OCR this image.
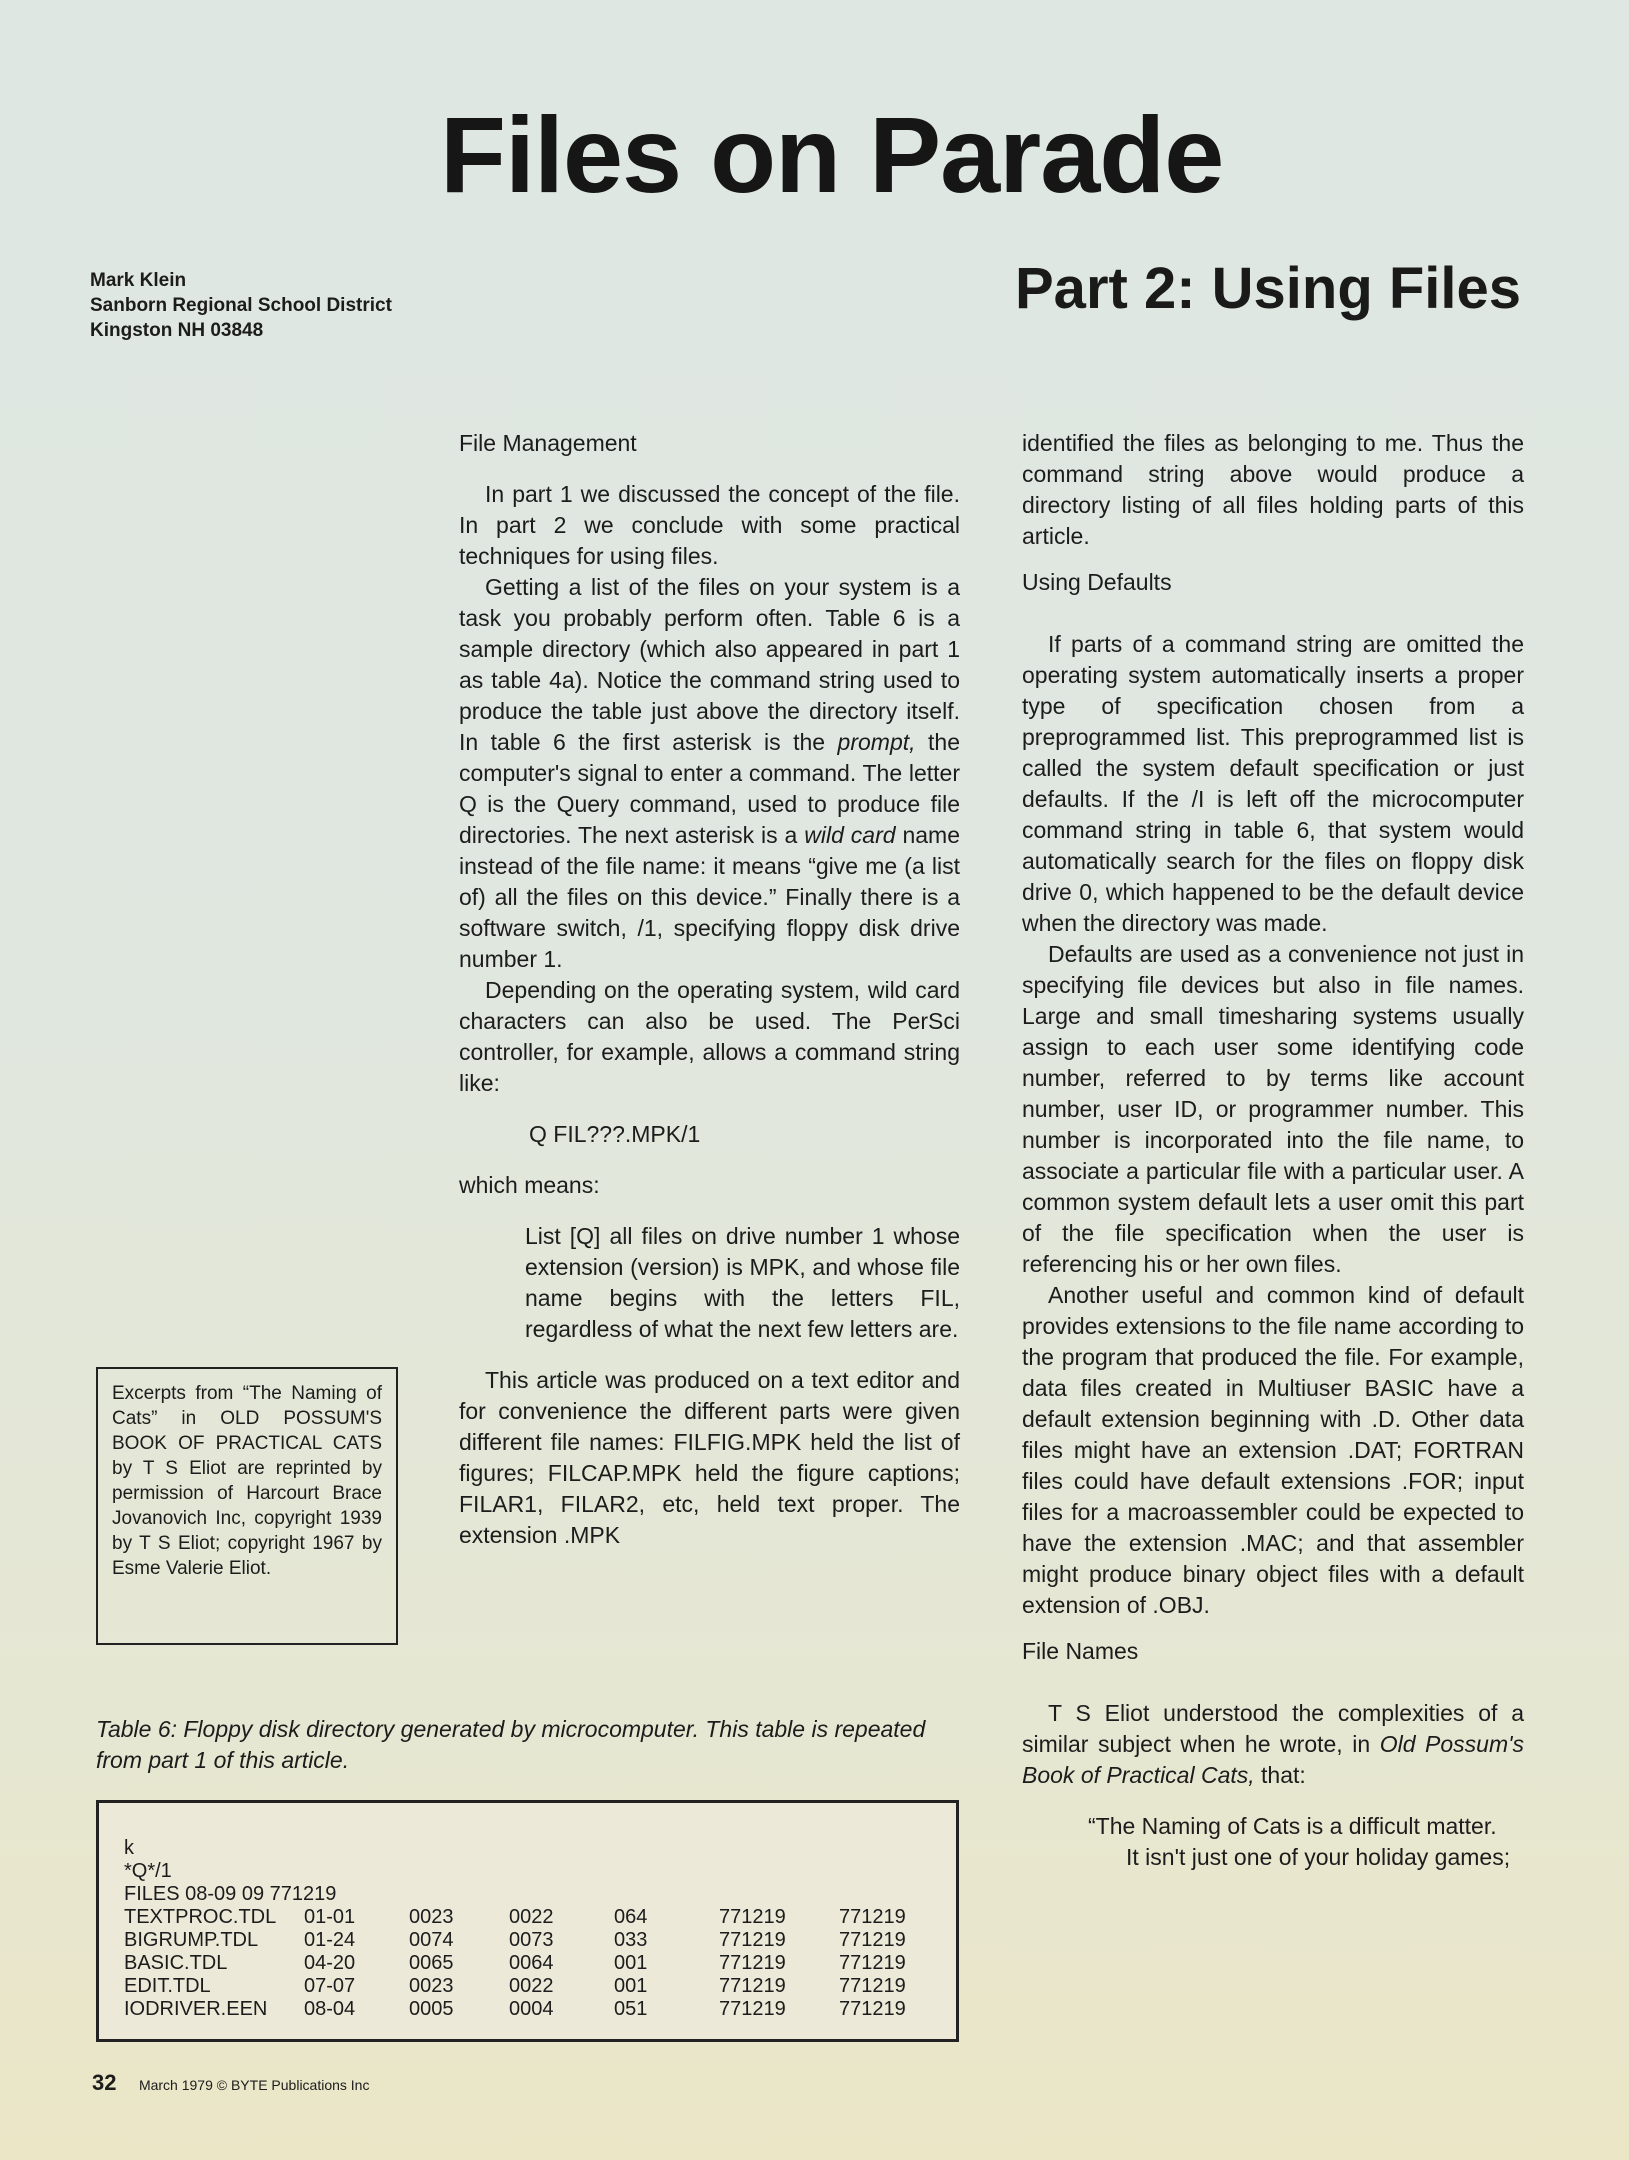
Files on Parade
Part 2: Using Files
Mark Klein
Sanborn Regional School District
Kingston NH 03848
File Management

In part 1 we discussed the concept of the file. In part 2 we conclude with some practical techniques for using files.

Getting a list of the files on your system is a task you probably perform often. Table 6 is a sample directory (which also appeared in part 1 as table 4a). Notice the command string used to produce the table just above the directory itself. In table 6 the first asterisk is the prompt, the computer's signal to enter a command. The letter Q is the Query command, used to produce file directories. The next asterisk is a wild card name instead of the file name: it means “give me (a list of) all the files on this device.” Finally there is a software switch, /1, specifying floppy disk drive number 1.

Depending on the operating system, wild card characters can also be used. The PerSci controller, for example, allows a command string like:

Q FIL???.MPK/1

which means:

List [Q] all files on drive number 1 whose extension (version) is MPK, and whose file name begins with the letters FIL, regardless of what the next few letters are.

This article was produced on a text editor and for convenience the different parts were given different file names: FILFIG.MPK held the list of figures; FILCAP.MPK held the figure captions; FILAR1, FILAR2, etc, held text proper. The extension .MPK

identified the files as belonging to me. Thus the command string above would produce a directory listing of all files holding parts of this article.

Using Defaults

If parts of a command string are omitted the operating system automatically inserts a proper type of specification chosen from a preprogrammed list. This preprogrammed list is called the system default specification or just defaults. If the /I is left off the microcomputer command string in table 6, that system would automatically search for the files on floppy disk drive 0, which happened to be the default device when the directory was made.

Defaults are used as a convenience not just in specifying file devices but also in file names. Large and small timesharing systems usually assign to each user some identifying code number, referred to by terms like account number, user ID, or programmer number. This number is incorporated into the file name, to associate a particular file with a particular user. A common system default lets a user omit this part of the file specification when the user is referencing his or her own files.

Another useful and common kind of default provides extensions to the file name according to the program that produced the file. For example, data files created in Multiuser BASIC have a default extension beginning with .D. Other data files might have an extension .DAT; FORTRAN files could have default extensions .FOR; input files for a macroassembler could be expected to have the extension .MAC; and that assembler might produce binary object files with a default extension of .OBJ.

File Names

T S Eliot understood the complexities of a similar subject when he wrote, in Old Possum's Book of Practical Cats, that:

“The Naming of Cats is a difficult matter.
It isn't just one of your holiday games;
Excerpts from “The Naming of Cats” in OLD POSSUM'S BOOK OF PRACTICAL CATS by T S Eliot are reprinted by permission of Harcourt Brace Jovanovich Inc, copyright 1939 by T S Eliot; copyright 1967 by Esme Valerie Eliot.
Table 6: Floppy disk directory generated by microcomputer. This table is repeated from part 1 of this article.
k
*Q*/1
FILES 08-09 09 771219
TEXTPROC.TDL 01-01	0023	0022	064	771219	771219
BIGRUMP.TDL 01-24	0074	0073	033	771219	771219
BASIC.TDL	04-20	0065	0064	001	771219	771219
EDIT.TDL	07-07	0023	0022	001	771219	771219
IODRIVER.EEN 08-04	0005	0004	051	771219	771219
32 March 1979 © BYTE Publications Inc
